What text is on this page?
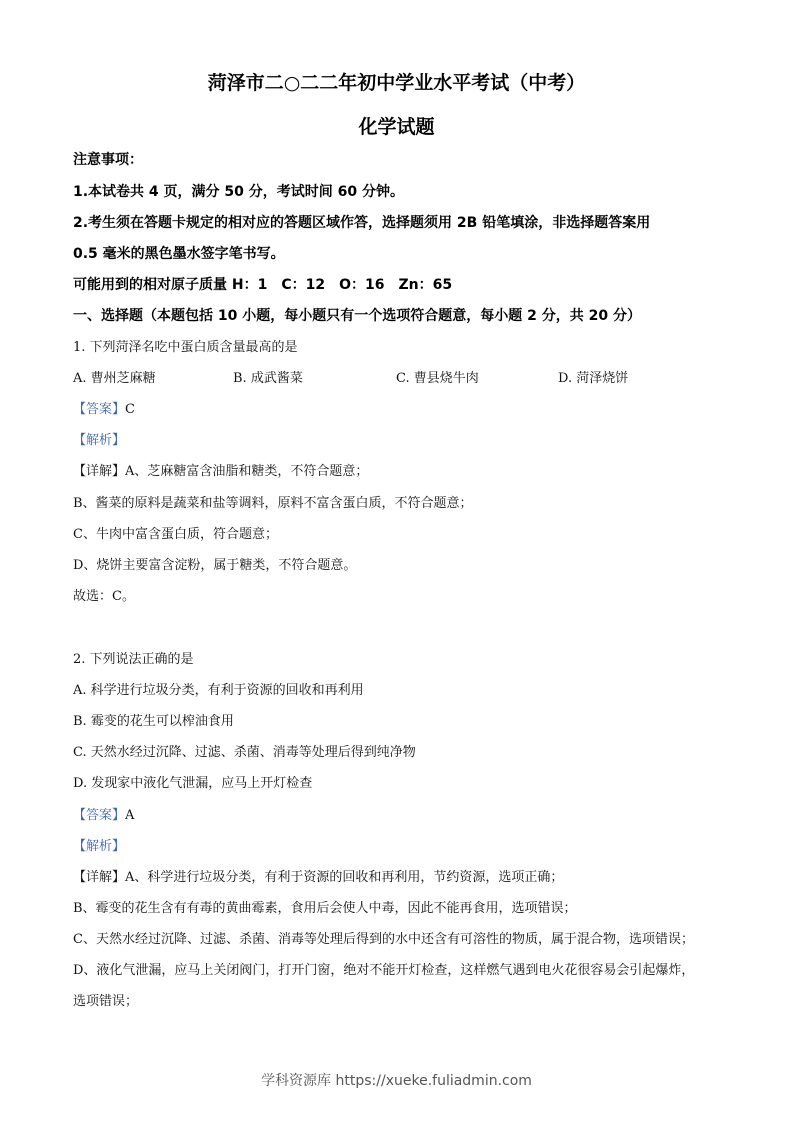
菏泽市二○二二年初中学业水平考试（中考）
化学试题
注意事项：
1.本试卷共 4 页，满分 50 分，考试时间 60 分钟。
2.考生须在答题卡规定的相对应的答题区域作答，选择题须用 2B 铅笔填涂，非选择题答案用
0.5 毫米的黑色墨水签字笔书写。
可能用到的相对原子质量 H：1　C：12　O：16　Zn：65
一、选择题（本题包括 10 小题，每小题只有一个选项符合题意，每小题 2 分，共 20 分）
1. 下列菏泽名吃中蛋白质含量最高的是
A. 曹州芝麻糖	B. 成武酱菜	C. 曹县烧牛肉	D. 菏泽烧饼
【答案】C
【解析】
【详解】A、芝麻糖富含油脂和糖类，不符合题意；
B、酱菜的原料是蔬菜和盐等调料，原料不富含蛋白质，不符合题意；
C、牛肉中富含蛋白质，符合题意；
D、烧饼主要富含淀粉，属于糖类，不符合题意。
故选：C。
2. 下列说法正确的是
A. 科学进行垃圾分类，有利于资源的回收和再利用
B. 霉变的花生可以榨油食用
C. 天然水经过沉降、过滤、杀菌、消毒等处理后得到纯净物
D. 发现家中液化气泄漏，应马上开灯检查
【答案】A
【解析】
【详解】A、科学进行垃圾分类，有利于资源的回收和再利用，节约资源，选项正确；
B、霉变的花生含有有毒的黄曲霉素，食用后会使人中毒，因此不能再食用，选项错误；
C、天然水经过沉降、过滤、杀菌、消毒等处理后得到的水中还含有可溶性的物质，属于混合物，选项错误；
D、液化气泄漏，应马上关闭阀门，打开门窗，绝对不能开灯检查，这样燃气遇到电火花很容易会引起爆炸，
选项错误；
学科资源库 https://xueke.fuliadmin.com
